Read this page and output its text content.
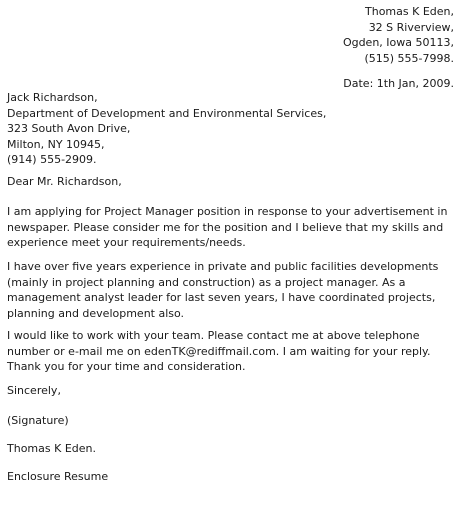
Thomas K Eden,
32 S Riverview,
Ogden, Iowa 50113,
(515) 555-7998.
Date: 1th Jan, 2009.
Jack Richardson,
Department of Development and Environmental Services,
323 South Avon Drive,
Milton, NY 10945,
(914) 555-2909.
Dear Mr. Richardson,
I am applying for Project Manager position in response to your advertisement in
newspaper. Please consider me for the position and I believe that my skills and
experience meet your requirements/needs.
I have over five years experience in private and public facilities developments
(mainly in project planning and construction) as a project manager. As a
management analyst leader for last seven years, I have coordinated projects,
planning and development also.
I would like to work with your team. Please contact me at above telephone
number or e-mail me on edenTK@rediffmail.com. I am waiting for your reply.
Thank you for your time and consideration.
Sincerely,
(Signature)
Thomas K Eden.
Enclosure Resume
